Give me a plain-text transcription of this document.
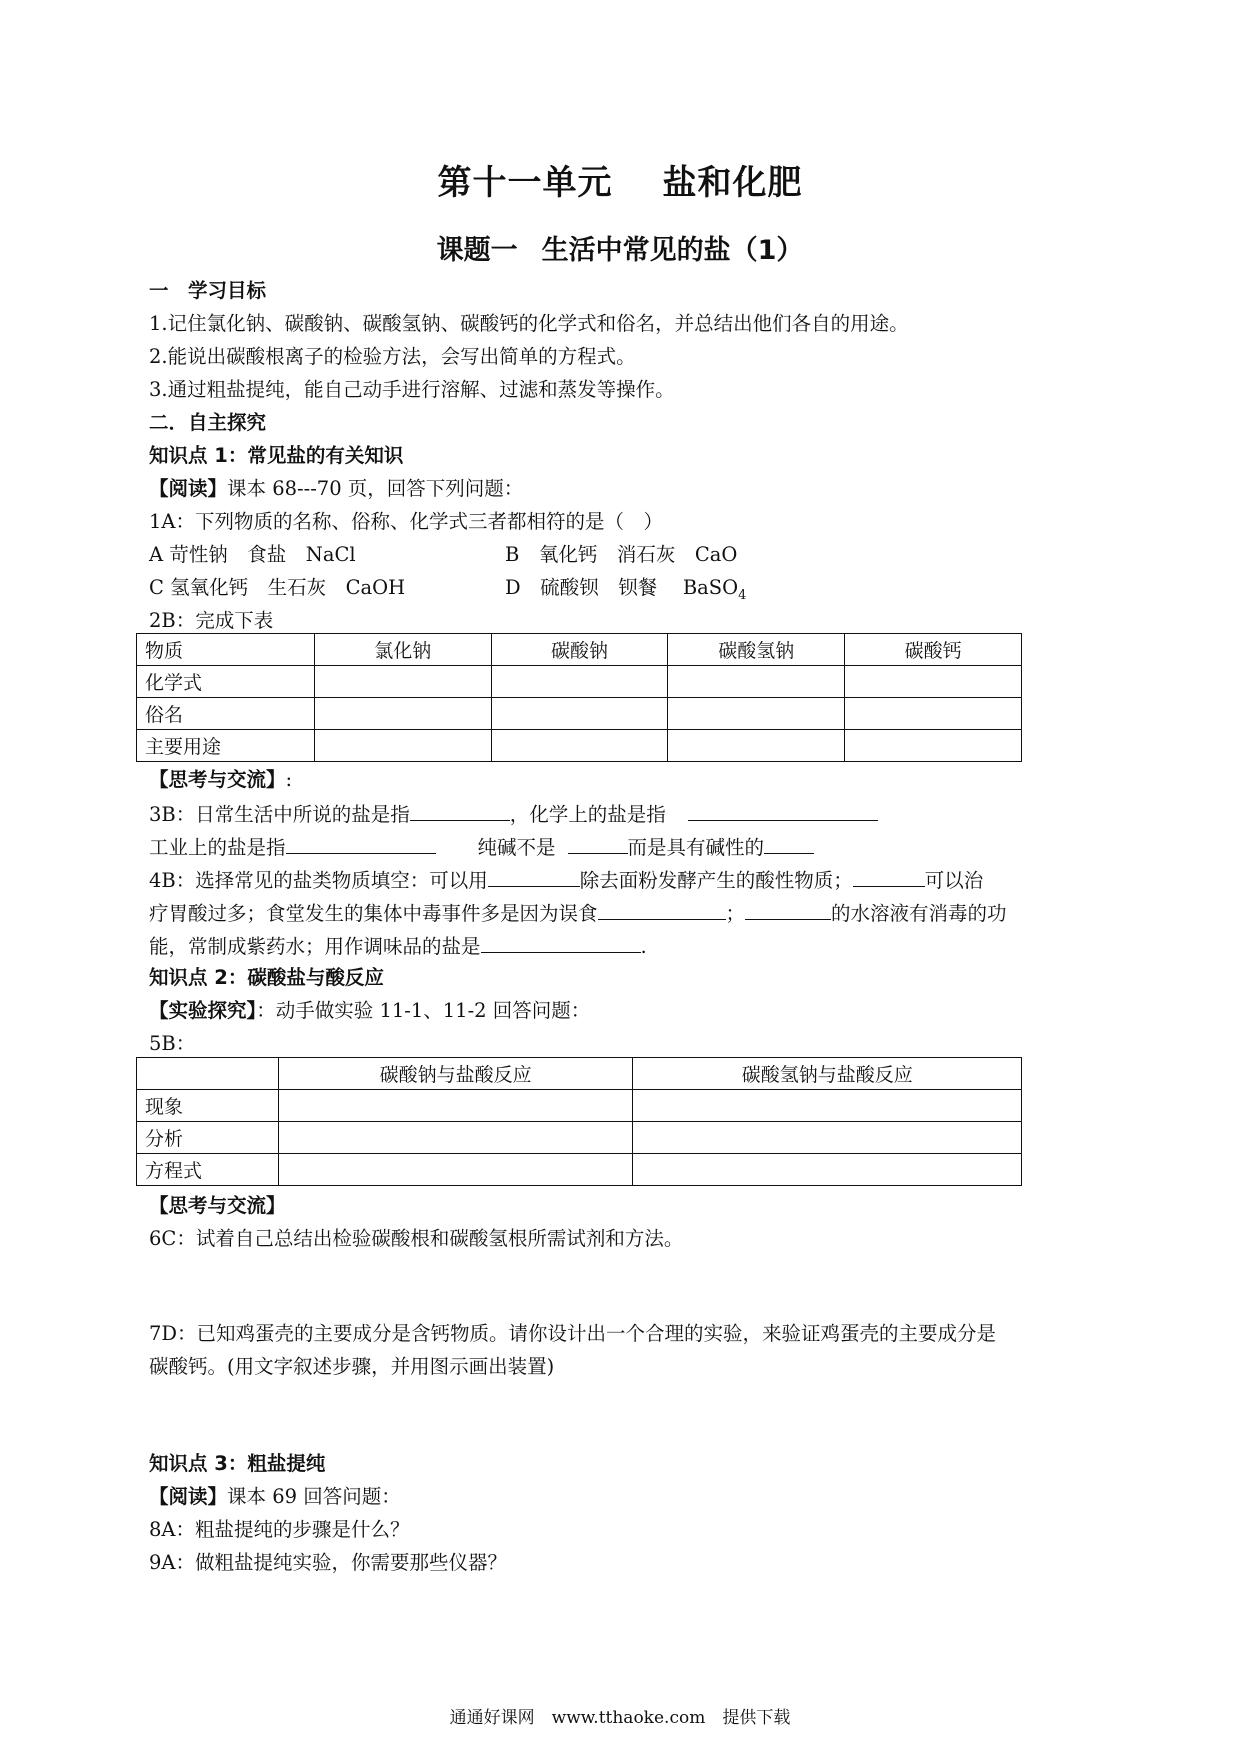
第十一单元 盐和化肥
课题一 生活中常见的盐（1）
一　学习目标
1.记住氯化钠、碳酸钠、碳酸氢钠、碳酸钙的化学式和俗名，并总结出他们各自的用途。
2.能说出碳酸根离子的检验方法，会写出简单的方程式。
3.通过粗盐提纯，能自己动手进行溶解、过滤和蒸发等操作。
二．自主探究
知识点 1：常见盐的有关知识
【阅读】课本 68---70 页，回答下列问题：
1A：下列物质的名称、俗称、化学式三者都相符的是（　）
A 苛性钠　食盐　NaCl	B　氧化钙　消石灰　CaO
C 氢氧化钙　生石灰　CaOH	D　硫酸钡　钡餐　 BaSO$_4$
2B：完成下表
物质	氯化钠	碳酸钠	碳酸氢钠	碳酸钙
化学式				
俗名				
主要用途				
【思考与交流】:
3B：日常生活中所说的盐是指	，化学上的盐是指
工业上的盐是指	纯碱不是	而是具有碱性的
4B：选择常见的盐类物质填空：可以用	除去面粉发酵产生的酸性物质；	可以治
疗胃酸过多；食堂发生的集体中毒事件多是因为误食	；	的水溶液有消毒的功
能，常制成紫药水；用作调味品的盐是	.
知识点 2：碳酸盐与酸反应
【实验探究】：动手做实验 11-1、11-2 回答问题：
5B：
	碳酸钠与盐酸反应	碳酸氢钠与盐酸反应
现象		
分析		
方程式		
【思考与交流】
6C：试着自己总结出检验碳酸根和碳酸氢根所需试剂和方法。
7D：已知鸡蛋壳的主要成分是含钙物质。请你设计出一个合理的实验，来验证鸡蛋壳的主要成分是
碳酸钙。(用文字叙述步骤，并用图示画出装置)
知识点 3：粗盐提纯
【阅读】课本 69 回答问题：
8A：粗盐提纯的步骤是什么？
9A：做粗盐提纯实验，你需要那些仪器？
通通好课网　www.tthaoke.com　提供下载
